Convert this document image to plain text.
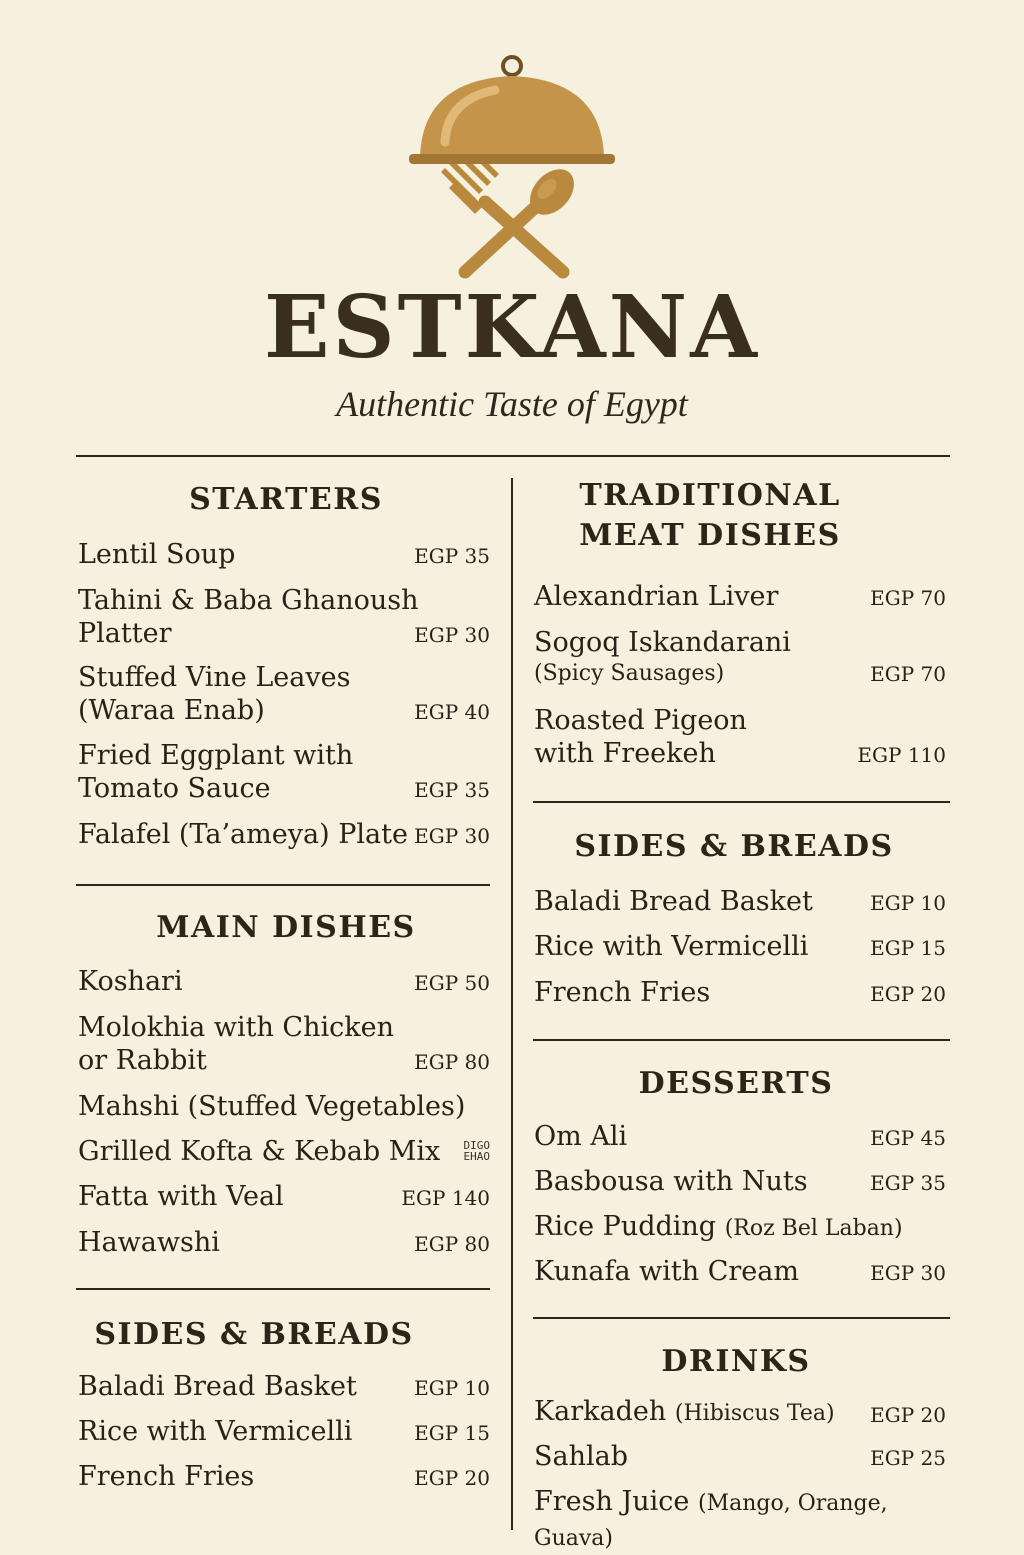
ESTKANA
Authentic Taste of Egypt
STARTERS
Lentil Soup	EGP 35
Tahini & Baba Ghanoush
Platter	EGP 30
Stuffed Vine Leaves
(Waraa Enab)	EGP 40
Fried Eggplant with
Tomato Sauce	EGP 35
Falafel (Ta’ameya) Plate EGP 30
MAIN DISHES
Koshari	EGP 50
Molokhia with Chicken
or Rabbit	EGP 80
Mahshi (Stuffed Vegetables)
Grilled Kofta & Kebab Mix	DIGO
EHAO
Fatta with Veal	EGP 140
Hawawshi	EGP 80
SIDES & BREADS
Baladi Bread Basket	EGP 10
Rice with Vermicelli	EGP 15
French Fries	EGP 20
TRADITIONAL
MEAT DISHES
Alexandrian Liver	EGP 70
Sogoq Iskandarani
(Spicy Sausages)	EGP 70
Roasted Pigeon
with Freekeh	EGP 110
SIDES & BREADS
Baladi Bread Basket	EGP 10
Rice with Vermicelli	EGP 15
French Fries	EGP 20
DESSERTS
Om Ali	EGP 45
Basbousa with Nuts	EGP 35
Rice Pudding (Roz Bel Laban)
Kunafa with Cream	EGP 30
DRINKS
Karkadeh (Hibiscus Tea)	EGP 20
Sahlab	EGP 25
Fresh Juice (Mango, Orange, Guava)
